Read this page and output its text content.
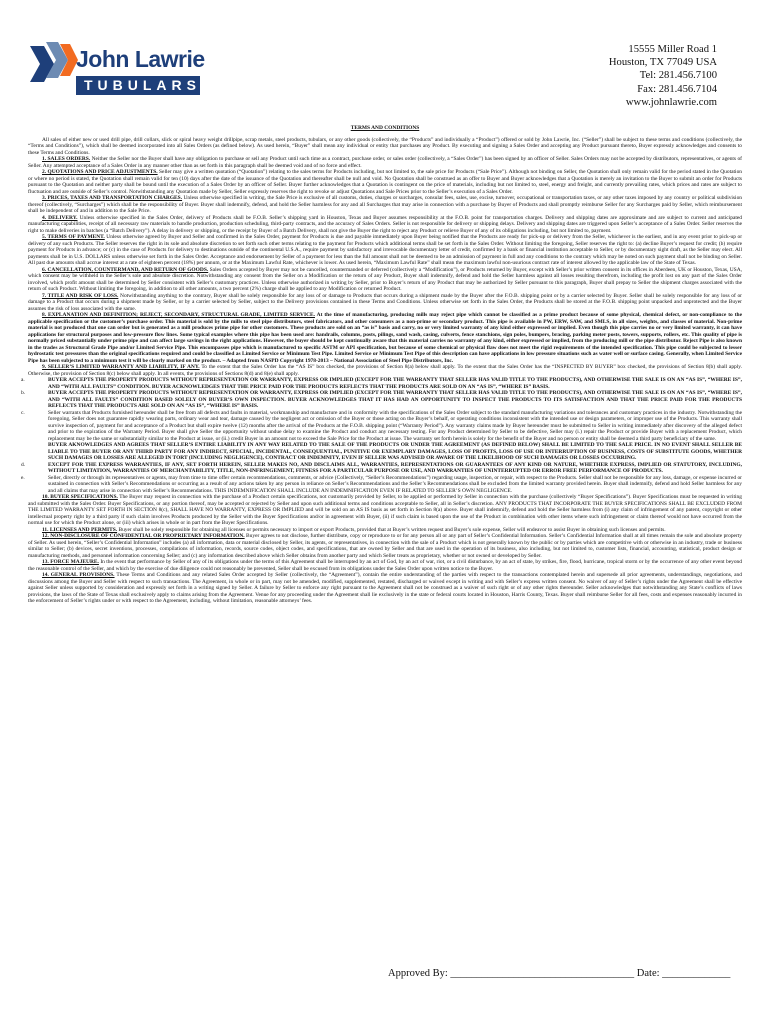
John Lawrie
TUBULARS
15555 Miller Road 1
Houston, TX 77049 USA
Tel: 281.456.7100
Fax: 281.456.7104
www.johnlawrie.com
TERMS AND CONDITIONS

All sales of either new or used drill pipe, drill collars, slick or spiral heavy weight drillpipe, scrap metals, steel products, tubulars, or any other goods (collectively, the “Products” and individually a “Product”) offered or sold by John Lawrie, Inc. (“Seller”) shall be subject to these terms and conditions (collectively, the “Terms and Conditions”), which shall be deemed incorporated into all Sales Orders (as defined below). As used herein, “Buyer” shall mean any individual or entity that purchases any Product. By executing and signing a Sales Order and accepting any Product pursuant thereto, Buyer expressly acknowledges and consents to these Terms and Conditions.

1. SALES ORDERS. Neither the Seller nor the Buyer shall have any obligation to purchase or sell any Product until such time as a contract, purchase order, or sales order (collectively, a “Sales Order”) has been signed by an officer of Seller. Sales Orders may not be accepted by distributors, representatives, or agents of Seller. Any attempted acceptance of a Sales Order in any manner other than as set forth in this paragraph shall be deemed void and of no force and effect.

2. QUOTATIONS AND PRICE ADJUSTMENTS. Seller may give a written quotation (“Quotation”) relating to the sales terms for Products including, but not limited to, the sale price for Products (“Sale Price”). Although not binding on Seller, the Quotation shall only remain valid for the period stated in the Quotation or where no period is stated, the Quotation shall remain valid for ten (10) days after the date of the issuance of the Quotation and thereafter shall be null and void. No Quotation shall be construed as an offer to Buyer and Buyer acknowledges that a Quotation is merely an invitation to the Buyer to submit an order for Products pursuant to the Quotation and neither party shall be bound until the execution of a Sales Order by an officer of Seller. Buyer further acknowledges that a Quotation is contingent on the price of materials, including but not limited to, steel, energy and freight, and currently prevailing rates, which prices and rates are subject to fluctuation and are outside of Seller’s control. Notwithstanding any Quotation made by Seller, Seller expressly reserves the right to revoke or adjust Quotations and Sale Prices prior to the Seller’s execution of a Sales Order.

3. PRICES, TAXES AND TRANSPORTATION CHARGES. Unless otherwise specified in writing, the Sale Price is exclusive of all customs, duties, charges or surcharges, consular fees, sales, use, excise, turnover, occupational or transportation taxes, or any other taxes imposed by any country or political subdivision thereof (collectively, “Surcharges”) which shall be the responsibility of Buyer. Buyer shall indemnify, defend, and hold the Seller harmless for any and all Surcharges that may arise in connection with a purchase by Buyer of Products and shall promptly reimburse Seller for any Surcharges paid by Seller, which reimbursement shall be independent of and in addition to the Sale Price.

4. DELIVERY. Unless otherwise specified in the Sales Order, delivery of Products shall be F.O.B. Seller’s shipping yard in Houston, Texas and Buyer assumes responsibility at the F.O.B. point for transportation charges. Delivery and shipping dates are approximate and are subject to current and anticipated manufacturing capabilities, receipt of all necessary raw materials to handle production, production scheduling, third-party contracts, and the accuracy of Sales Orders. Seller is not responsible for delivery or shipping delays. Delivery and shipping dates are triggered upon Seller’s acceptance of a Sales Order. Seller reserves the right to make deliveries in batches (a “Batch Delivery”). A delay in delivery or shipping, or the receipt by Buyer of a Batch Delivery, shall not give the Buyer the right to reject any Product or relieve Buyer of any of its obligations including, but not limited to, payment.

5. TERMS OF PAYMENT. Unless otherwise agreed by Buyer and Seller and confirmed in the Sales Order, payment for Products is due and payable immediately upon Buyer being notified that the Products are ready for pick-up or delivery from the Seller, whichever is the earliest, and in any event prior to pick-up or delivery of any such Products. The Seller reserves the right in its sole and absolute discretion to set forth such other terms relating to the payment for Products which additional terms shall be set forth in the Sales Order. Without limiting the foregoing, Seller reserves the right to: (a) decline Buyer’s request for credit; (b) require payment for Products in advance; or (c) in the case of Products for delivery to destinations outside of the continental U.S.A., require payment by satisfactory and irrevocable documentary letter of credit, confirmed by a bank or financial institution acceptable to Seller, or by documentary sight draft, as the Seller may elect. All payments shall be in U.S. DOLLARS unless otherwise set forth in the Sales Order. Acceptance and endorsement by Seller of a payment for less than the full amount shall not be deemed to be an admission of payment in full and any conditions to the contrary which may be noted on such payment shall not be binding on Seller. All past due amounts shall accrue interest at a rate of eighteen percent (18%) per annum, or at the Maximum Lawful Rate, whichever is lower. As used herein, “Maximum Lawful Rate” shall mean the maximum lawful non-usurious contract rate of interest allowed by the applicable law of the State of Texas.

6. CANCELLATION, COUNTERMAND, AND RETURN OF GOODS. Sales Orders accepted by Buyer may not be cancelled, countermanded or deferred (collectively a “Modification”), or Products returned by Buyer, except with Seller’s prior written consent in its offices in Aberdeen, UK or Houston, Texas, USA, which consent may be withheld in the Seller’s sole and absolute discretion. Notwithstanding any consent from the Seller on a Modification or the return of any Product, Buyer shall indemnify, defend and hold the Seller harmless against all losses resulting therefrom, including the profit lost on any part of the Sales Order involved, which profit amount shall be determined by Seller consistent with Seller’s customary practices. Unless otherwise authorized in writing by Seller, prior to Buyer’s return of any Product that may be authorized by Seller pursuant to this paragraph, Buyer shall prepay to Seller the shipment charges associated with the return of such Product. Without limiting the foregoing, in addition to all other amounts, a two percent (2%) charge shall be applied to any Modification or returned Product.

7. TITLE AND RISK OF LOSS. Notwithstanding anything to the contrary, Buyer shall be solely responsible for any loss of or damage to Products that occurs during a shipment made by the Buyer after the F.O.B. shipping point or by a carrier selected by Buyer. Seller shall be solely responsible for any loss of or damage to a Product that occurs during a shipment made by Seller, or by a carrier selected by Seller, subject to the Delivery provisions contained in these Terms and Conditions. Unless otherwise set forth in the Sales Order, the Products shall be stored at the F.O.B. shipping point unpacked and unprotected and the Buyer assumes the risk of loss associated with the same.

8. EXPLANATION AND DEFINITION; REJECT, SECONDARY, STRUCTURAL GRADE, LIMITED SERVICE. At the time of manufacturing, producing mills may reject pipe which cannot be classified as a prime product because of some physical, chemical defect, or non-compliance to the applicable specification or the customer’s purchase order. This material is sold by the mills to steel pipe distributors, steel fabricators, and other consumers as a non-prime or secondary product. This pipe is available in PW, ERW, SAW, and SMLS, in all sizes, weights, and classes of material. Non-prime material is not produced that one can order but is generated as a mill produces prime pipe for other customers. These products are sold on an “as is” basis and carry, no or very limited warranty of any kind either expressed or implied. Even though this pipe carries no or very limited warranty, it can have applications for structural purposes and low-pressure flow lines. Some typical examples where this pipe has been used are: handrails, columns, posts, pilings, sand wash, casing, culverts, fence stanchions, sign poles, bumpers, bracing, parking meter posts, towers, supports, rollers, etc. This quality of pipe is normally priced substantially under prime pipe and can affect large savings in the right applications. However, the buyer should be kept continually aware that this material carries no warranty of any kind, either expressed or implied, from the producing mill or the pipe distributor. Reject Pipe is also known in the trades as Structural Grade Pipe and/or Limited Service Pipe. This encompasses pipe which is manufactured to specific ASTM or API specification, but because of some chemical or physical flaw does not meet the rigid requirements of the intended specification. This pipe could be subjected to lesser hydrostatic test pressures than the original specifications required and could be classified as Limited Service or Minimum Test Pipe. Limited Service or Minimum Test Pipe of this description can have applications in low pressure situations such as water well or surface casing. Generally, when Limited Service Pipe has been subjected to a minimum test it will be clearly marked on the product. – Adapted from NASPD Copyright 1978-2013 – National Association of Steel Pipe Distributors, Inc.

9. SELLER’S LIMITED WARRANTY AND LIABILITY, IF ANY. To the extent that the Sales Order has the “AS IS” box checked, the provisions of Section 8(a) below shall apply. To the extent that the Sales Order has the “INSPECTED BY BUYER” box checked, the provisions of Section 8(b) shall apply. Otherwise, the provision of Section 8(c) below shall apply. In all events, the provisions of Sections 8(d) and 8(e) shall apply.

a.	BUYER ACCEPTS THE PROPERTY PRODUCTS WITHOUT REPRESENTATION OR WARRANTY, EXPRESS OR IMPLIED (EXCEPT FOR THE WARRANTY THAT SELLER HAS VALID TITLE TO THE PRODUCTS), AND OTHERWISE THE SALE IS ON AN “AS IS”, “WHERE IS”, AND “WITH ALL FAULTS” CONDITION. BUYER ACKNOWLEDGES THAT THE PRICE PAID FOR THE PRODUCTS REFLECTS THAT THE PRODUCTS ARE SOLD ON AN “AS IS”, “WHERE IS” BASIS.

b.	BUYER ACCEPTS THE PROPERTY PRODUCTS WITHOUT REPRESENTATION OR WARRANTY, EXPRESS OR IMPLIED (EXCEPT FOR THE WARRANTY THAT SELLER HAS VALID TITLE TO THE PRODUCTS), AND OTHERWISE THE SALE IS ON AN “AS IS”, “WHERE IS”, AND “WITH ALL FAULTS” CONDITION BASED SOLELY ON BUYER’S OWN INSPECTION. BUYER ACKNOWLEDGES THAT IT HAS HAD AN OPPORTUNITY TO INSPECT THE PRODUCTS TO ITS SATISFACTION AND THAT THE PRICE PAID FOR THE PRODUCTS REFLECTS THAT THE PRODUCTS ARE SOLD ON AN “AS IS”, “WHERE IS” BASIS.

c.	Seller warrants that Products furnished hereunder shall be free from all defects and faults in material, workmanship and manufacture and in conformity with the specifications of the Sales Order subject to the standard manufacturing variations and tolerances and customary practices in the industry. Notwithstanding the foregoing, Seller does not guarantee rapidly wearing parts, ordinary wear and tear, damage caused by the negligent act or omission of the Buyer or those acting on the Buyer’s behalf, or operating conditions inconsistent with the intended use or design parameters, or improper use of the Products. This warranty shall survive inspection of, payment for and acceptance of a Product but shall expire twelve (12) months after the arrival of the Products at the F.O.B. shipping point (“Warranty Period”). Any warranty claims made by Buyer hereunder must be submitted to Seller in writing immediately after discovery of the alleged defect and prior to the expiration of the Warranty Period. Buyer shall give Seller the opportunity without undue delay to examine the Product and conduct any necessary testing. For any Product determined by Seller to be defective, Seller may (i.) repair the Product or provide Buyer with a replacement Product, which replacement may be the same or substantially similar to the Product at issue, or (ii.) credit Buyer in an amount not to exceed the Sale Price for the Product at issue. The warranty set forth herein is solely for the benefit of the Buyer and no person or entity shall be deemed a third party beneficiary of the same.

BUYER AKNOWLEDGES AND AGREES THAT SELLER’S ENTIRE LIABILITY IN ANY WAY RELATED TO THE SALE OF THE PRODUCTS OR UNDER THE AGREEMENT (AS DEFINED BELOW) SHALL BE LIMITED TO THE SALE PRICE. IN NO EVENT SHALL SELLER BE LIABLE TO THE BUYER OR ANY THIRD PARTY FOR ANY INDIRECT, SPECIAL, INCIDENTAL, CONSEQUENTIAL, PUNITIVE OR EXEMPLARY DAMAGES, LOSS OF PROFITS, LOSS OF USE OR INTERRUPTION OF BUSINESS, COSTS OF SUBSTITUTE GOODS, WHETHER SUCH DAMAGES OR LOSSES ARE ALLEGED IN TORT (INCLUDING NEGLIGENCE), CONTRACT OR INDEMNITY, EVEN IF SELLER WAS ADVISED OR AWARE OF THE LIKELIHOOD OF SUCH DAMAGES OR LOSSES OCCURRING.

d.	EXCEPT FOR THE EXPRESS WARRANTIES, IF ANY, SET FORTH HEREIN, SELLER MAKES NO, AND DISCLAIMS ALL, WARRANTIES, REPRESENTATIONS OR GUARANTEES OF ANY KIND OR NATURE, WHETHER EXPRESS, IMPLIED OR STATUTORY, INCLUDING, WITHOUT LIMITATION, WARRANTIES OF MERCHANTABILITY, TITLE, NON-INFRINGEMENT, FITNESS FOR A PARTICULAR PURPOSE OR USE, AND WARRANTIES OF UNINTERRUPTED OR ERROR FREE PERFORMANCE OF PRODUCTS.

e.	Seller, directly or through its representatives or agents, may from time to time offer certain recommendations, comments, or advice (Collectively, “Seller’s Recommendations”) regarding usage, inspection, or repair, with respect to the Products. Seller shall not be responsible for any loss, damage, or expense incurred or sustained in connection with Seller’s Recommendations or occurring as a result of any actions taken by any person in reliance on Seller’s Recommendations and the Seller’s Recommendations shall be excluded from the limited warranty provided herein. Buyer shall indemnify, defend and hold Seller harmless for any and all claims that may arise in connection with Seller’s Recommendations. THIS INDEMNIFICATION SHALL INCLUDE AN INDEMNIFICATION EVEN IF RELATED TO SELLER’S OWN NEGLIGENCE.

10. BUYER SPECIFICATIONS. The Buyer may request in connection with the purchase of a Product certain specifications, not customarily provided by Seller, to be applied or performed by Seller in connection with the purchase (collectively “Buyer Specifications”). Buyer Specifications must be requested in writing and submitted with the Sales Order. Buyer Specifications, or any portion thereof, may be accepted or rejected by Seller and upon such additional terms and conditions acceptable to Seller, all in Seller’s discretion. ANY PRODUCTS THAT INCORPORATE THE BUYER SPECIFICATIONS SHALL BE EXCLUDED FROM THE LIMITED WARRANTY SET FORTH IN SECTION 8(c), SHALL HAVE NO WARRANTY, EXPRESS OR IMPLIED and will be sold on an AS IS basis as set forth in Section 8(a) above. Buyer shall indemnify, defend and hold the Seller harmless from (i) any claim of infringement of any patent, copyright or other intellectual property right by a third party if such claim involves Products produced by the Seller with the Buyer Specifications and/or in agreement with Buyer, (ii) if such claim is based upon the use of the Product in combination with other items where such infringement or claim thereof would not have occurred from the normal use for which the Product alone, or (iii) which arises in whole or in part from the Buyer Specifications.

11. LICENSES AND PERMITS. Buyer shall be solely responsible for obtaining all licenses or permits necessary to import or export Products, provided that at Buyer’s written request and Buyer’s sole expense, Seller will endeavor to assist Buyer in obtaining such licenses and permits.

12. NON-DISCLOSURE OF CONFIDENTIAL OR PROPRIETARY INFORMATION. Buyer agrees to not disclose, further distribute, copy or reproduce to or for any person all or any part of Seller’s Confidential Information. Seller’s Confidential Information shall at all times remain the sole and absolute property of Seller. As used herein, “Seller’s Confidential Information” includes (a) all information, data or material disclosed by Seller, its agents, or representatives, in connection with the sale of a Product which is not generally known by the public or by parties which are competitive with or otherwise in an industry, trade or business similar to Seller; (b) devices, secret inventions, processes, compilations of information, records, source codes, object codes, and specifications, that are owned by Seller and that are used in the operation of its business, also including, but not limited to, customer lists, financial, accounting, statistical, product design or manufacturing methods, and personnel information concerning Seller; and (c) any information described above which Seller obtains from another party and which Seller treats as proprietary, whether or not owned or developed by Seller.

13. FORCE MAJEURE. In the event that performance by Seller of any of its obligations under the terms of this Agreement shall be interrupted by an act of God, by an act of war, riot, or a civil disturbance, by an act of state, by strikes, fire, flood, hurricane, tropical storm or by the occurrence of any other event beyond the reasonable control of the Seller, and which by the exercise of due diligence could not reasonably be prevented, Seller shall be excused from its obligations under the Sales Order upon written notice to the Buyer.

14. GENERAL PROVISIONS. These Terms and Conditions and any related Sales Order accepted by Seller (collectively, the “Agreement”), contain the entire understanding of the parties with respect to the transactions contemplated herein and supersede all prior agreements, understandings, negotiations, and discussions among the Buyer and Seller with respect to such transactions. The Agreement, in whole or in part, may not be amended, modified, supplemented, restated, discharged or waived except in writing and with Seller’s express written consent. No waiver of any of Seller’s rights under the Agreement shall be effective against Seller unless supported by consideration and expressly set forth in a writing signed by Seller. A failure by Seller to enforce any right pursuant to the Agreement shall not be construed as a waiver of such right or of any other rights thereunder. Seller acknowledges that notwithstanding any State’s conflicts of laws provisions, the laws of the State of Texas shall exclusively apply to claims arising from the Agreement. Venue for any proceeding under the Agreement shall lie exclusively in the state or federal courts located in Houston, Harris County, Texas. Buyer shall reimburse Seller for all fees, costs and expenses reasonably incurred in the enforcement of Seller’s rights under or with respect to the Agreement, including, without limitation, reasonable attorneys’ fees.

Approved By: ___________________________________ Date: _____________
